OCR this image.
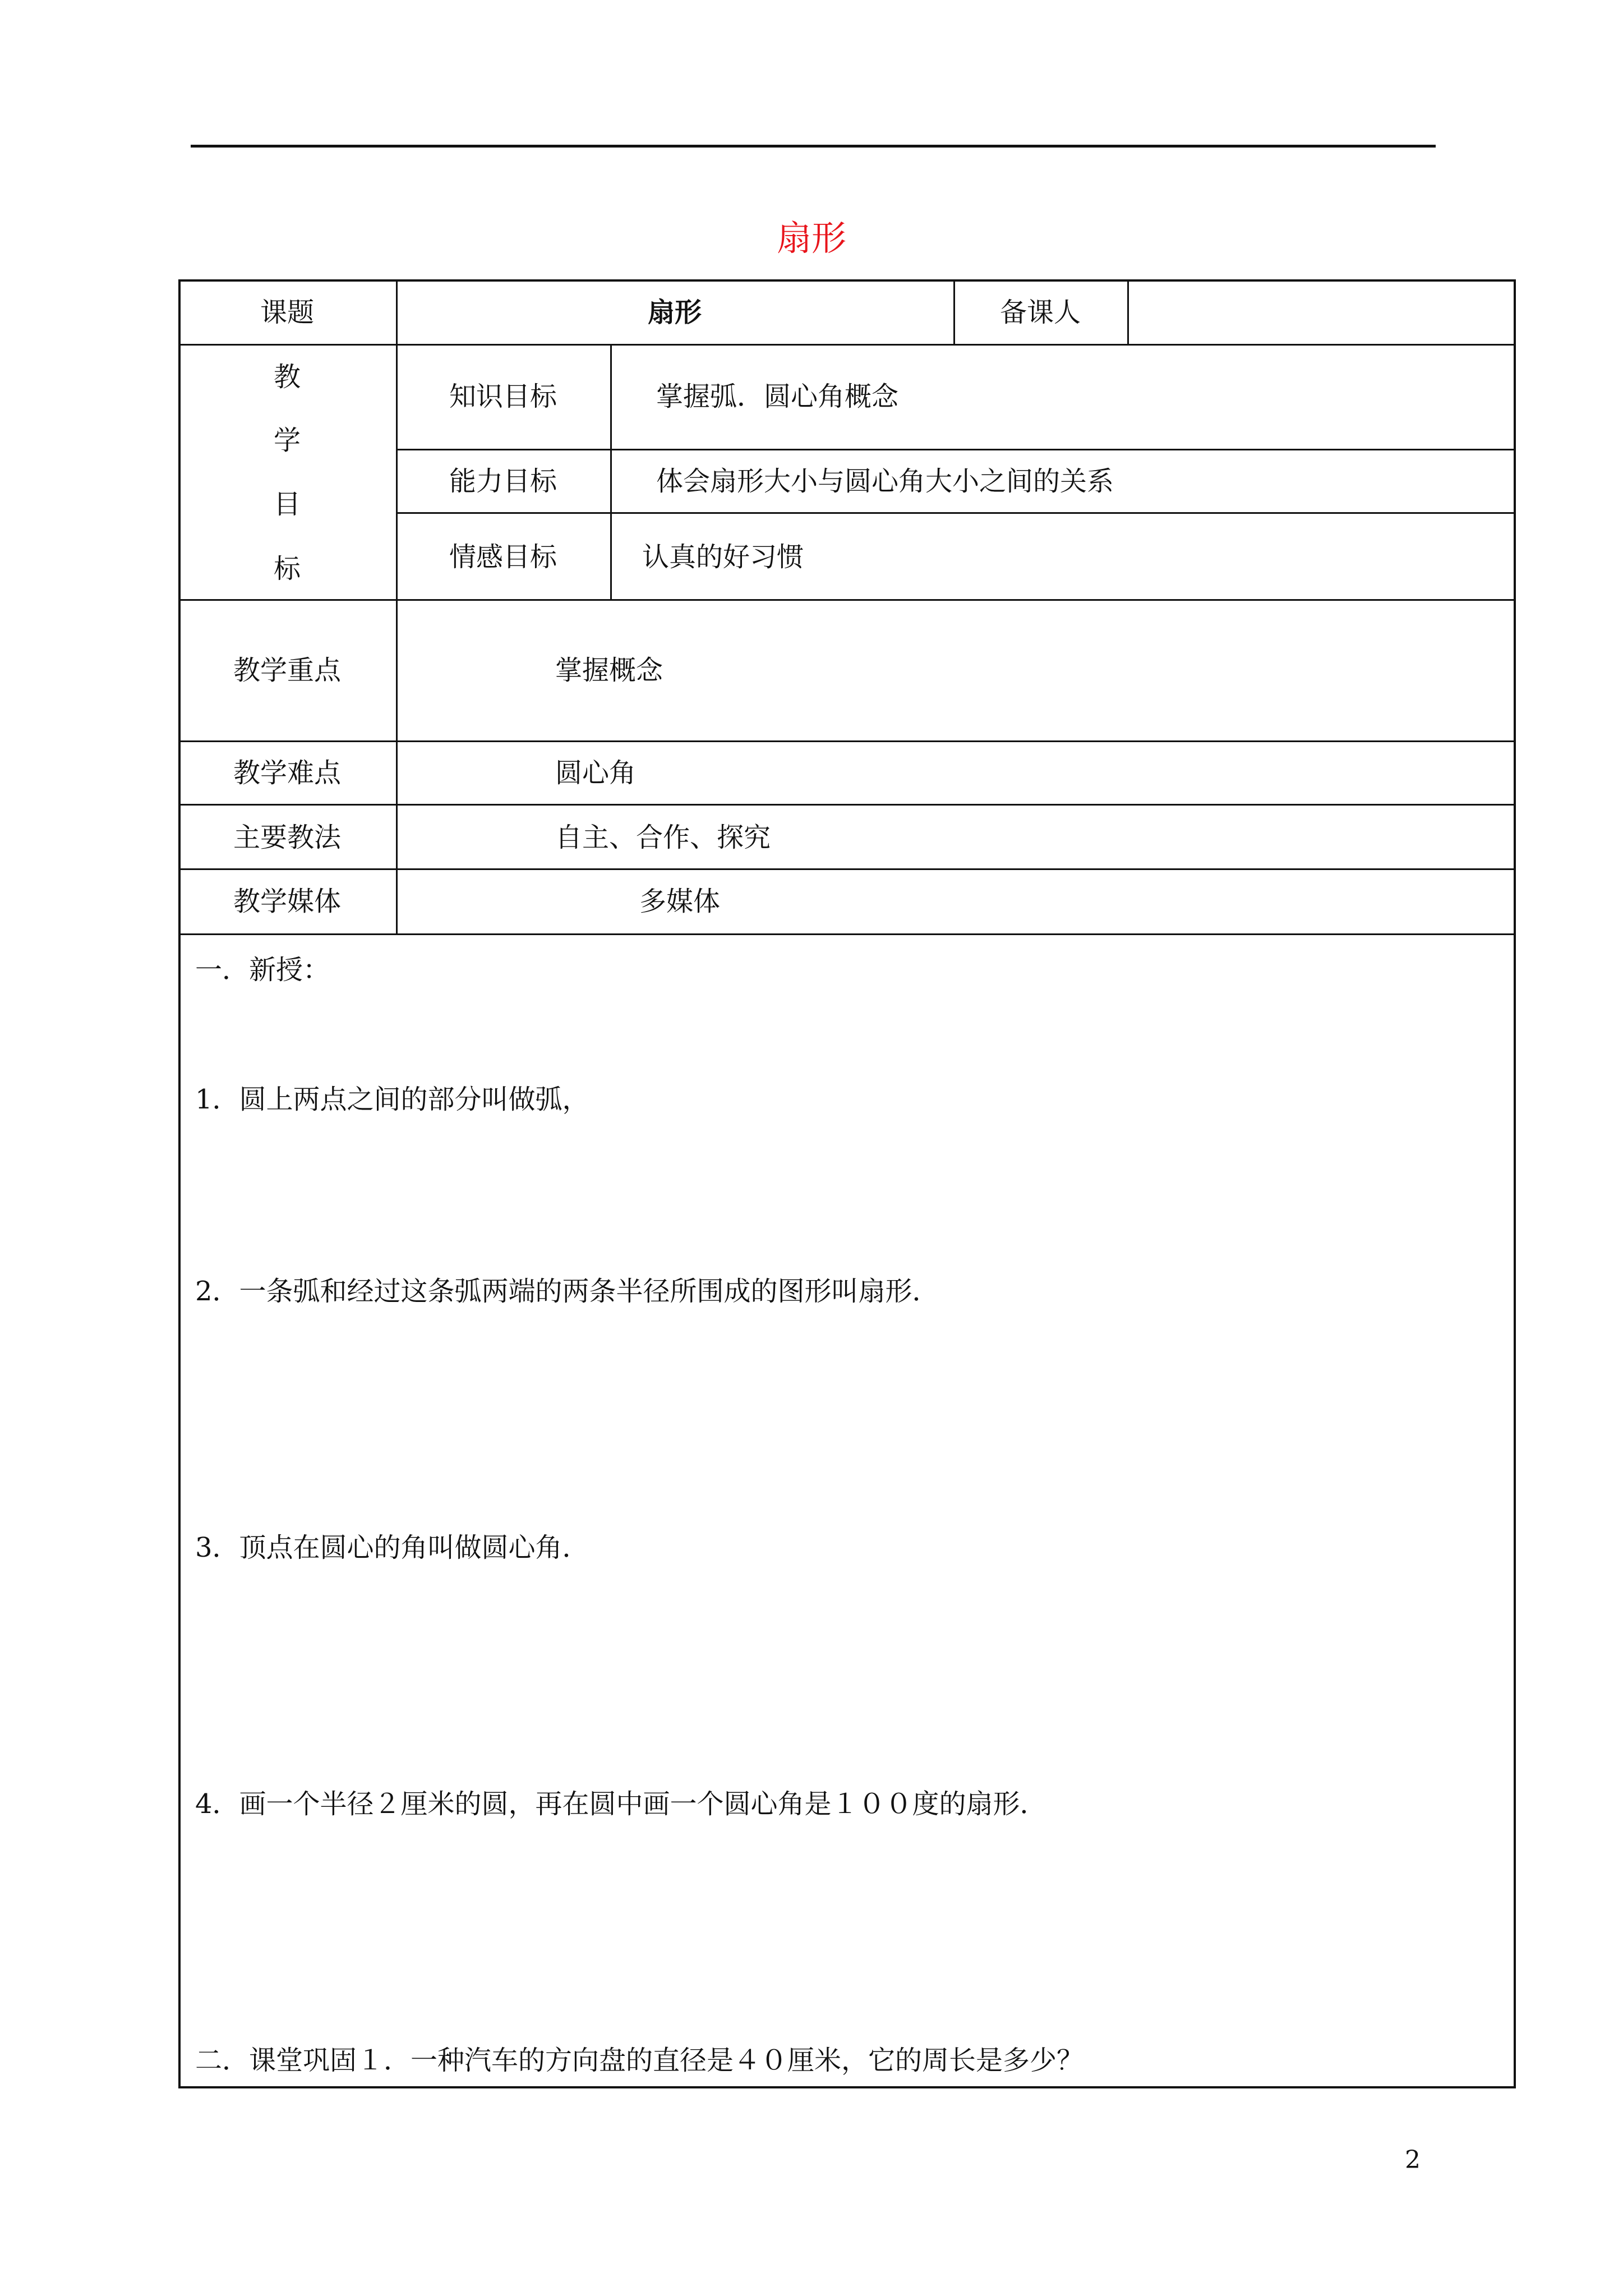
扇形
课题	扇形	备课人
教
学
目
标
知识目标	掌握弧．圆心角概念
能力目标	体会扇形大小与圆心角大小之间的关系
情感目标	认真的好习惯
教学重点	掌握概念
教学难点	圆心角
主要教法	自主、合作、探究
教学媒体	多媒体
一．新授：
1．圆上两点之间的部分叫做弧，
2．一条弧和经过这条弧两端的两条半径所围成的图形叫扇形．
3．顶点在圆心的角叫做圆心角．
4．画一个半径２厘米的圆，再在圆中画一个圆心角是１００度的扇形．
二．课堂巩固１．一种汽车的方向盘的直径是４０厘米，它的周长是多少？
2
